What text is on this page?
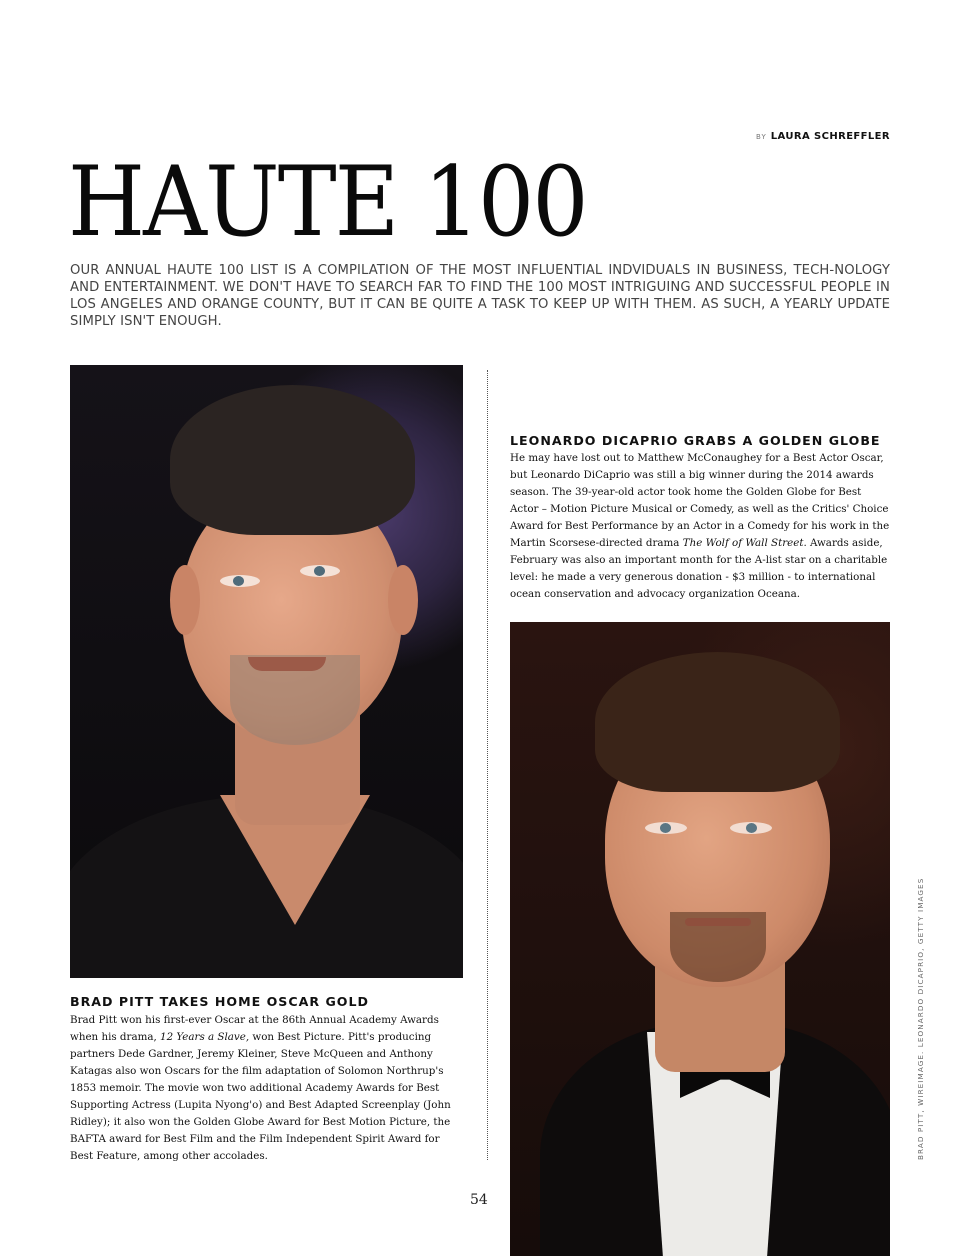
BY LAURA SCHREFFLER
HAUTE 100

OUR ANNUAL HAUTE 100 LIST IS A COMPILATION OF THE MOST INFLUENTIAL INDVIDUALS IN BUSINESS, TECH-NOLOGY AND ENTERTAINMENT. WE DON'T HAVE TO SEARCH FAR TO FIND THE 100 MOST INTRIGUING AND SUCCESSFUL PEOPLE IN LOS ANGELES AND ORANGE COUNTY, BUT IT CAN BE QUITE A TASK TO KEEP UP WITH THEM. AS SUCH, A YEARLY UPDATE SIMPLY ISN'T ENOUGH.

BRAD PITT TAKES HOME OSCAR GOLD

Brad Pitt won his first-ever Oscar at the 86th Annual Academy Awards when his drama, 12 Years a Slave, won Best Picture. Pitt's producing partners Dede Gardner, Jeremy Kleiner, Steve McQueen and Anthony Katagas also won Oscars for the film adaptation of Solomon Northrup's 1853 memoir. The movie won two additional Academy Awards for Best Supporting Actress (Lupita Nyong'o) and Best Adapted Screenplay (John Ridley); it also won the Golden Globe Award for Best Motion Picture, the BAFTA award for Best Film and the Film Independent Spirit Award for Best Feature, among other accolades.

LEONARDO DICAPRIO GRABS A GOLDEN GLOBE

He may have lost out to Matthew McConaughey for a Best Actor Oscar, but Leonardo DiCaprio was still a big winner during the 2014 awards season. The 39-year-old actor took home the Golden Globe for Best Actor – Motion Picture Musical or Comedy, as well as the Critics' Choice Award for Best Performance by an Actor in a Comedy for his work in the Martin Scorsese-directed drama The Wolf of Wall Street. Awards aside, February was also an important month for the A-list star on a charitable level: he made a very generous donation - $3 million - to international ocean conservation and advocacy organization Oceana.

54
BRAD PITT, WIREIMAGE. LEONARDO DICAPRIO, GETTY IMAGES
